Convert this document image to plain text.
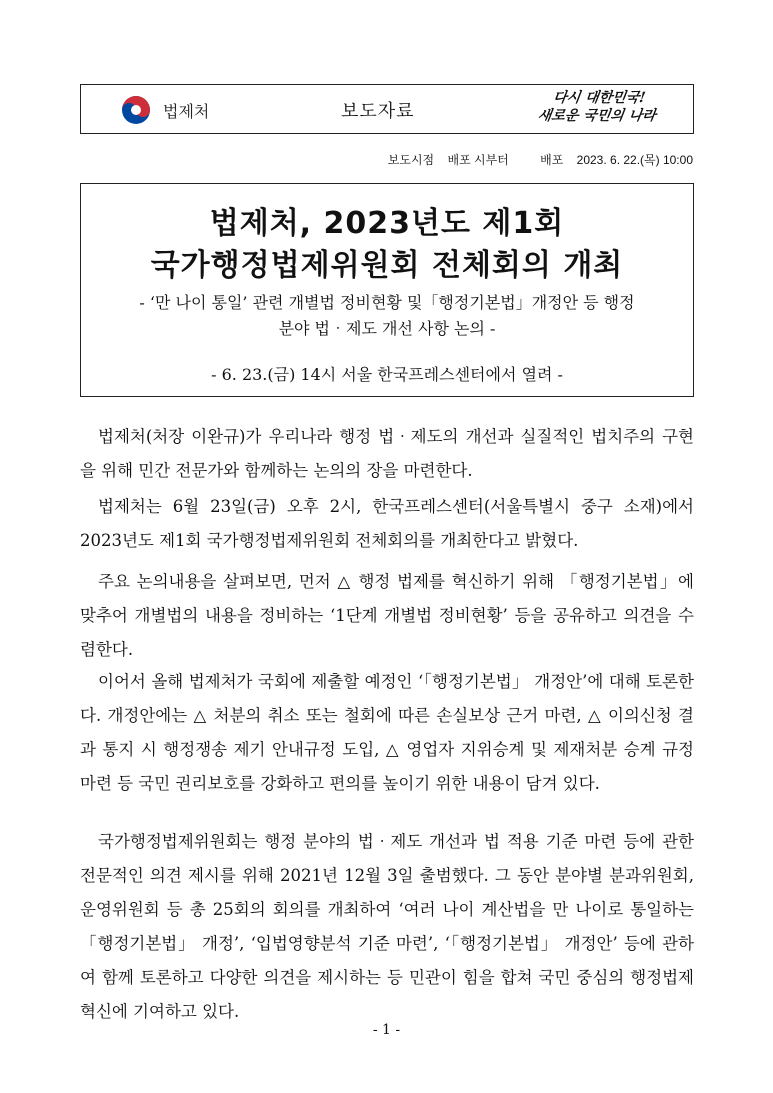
법제처	보도자료
다시 대한민국!
새로운 국민의 나라
보도시점 배포 시부터	배포 2023. 6. 22.(목) 10:00
법제처, 2023년도 제1회
국가행정법제위원회 전체회의 개최
- ‘만 나이 통일’ 관련 개별법 정비현황 및「행정기본법」개정안 등 행정
분야 법‧제도 개선 사항 논의 -
- 6. 23.(금) 14시 서울 한국프레스센터에서 열려 -

법제처(처장 이완규)가 우리나라 행정 법‧제도의 개선과 실질적인 법치주의 구현을 위해 민간 전문가와 함께하는 논의의 장을 마련한다.

법제처는 6월 23일(금) 오후 2시, 한국프레스센터(서울특별시 중구 소재)에서 2023년도 제1회 국가행정법제위원회 전체회의를 개최한다고 밝혔다.

주요 논의내용을 살펴보면, 먼저 △ 행정 법제를 혁신하기 위해 「행정기본법」에 맞추어 개별법의 내용을 정비하는 ‘1단계 개별법 정비현황’ 등을 공유하고 의견을 수렴한다.

이어서 올해 법제처가 국회에 제출할 예정인 ‘「행정기본법」 개정안’에 대해 토론한다. 개정안에는 △ 처분의 취소 또는 철회에 따른 손실보상 근거 마련, △ 이의신청 결과 통지 시 행정쟁송 제기 안내규정 도입, △ 영업자 지위승계 및 제재처분 승계 규정 마련 등 국민 권리보호를 강화하고 편의를 높이기 위한 내용이 담겨 있다.

국가행정법제위원회는 행정 분야의 법‧제도 개선과 법 적용 기준 마련 등에 관한 전문적인 의견 제시를 위해 2021년 12월 3일 출범했다. 그 동안 분야별 분과위원회, 운영위원회 등 총 25회의 회의를 개최하여 ‘여러 나이 계산법을 만 나이로 통일하는 「행정기본법」 개정’, ‘입법영향분석 기준 마련’, ‘「행정기본법」 개정안’ 등에 관하여 함께 토론하고 다양한 의견을 제시하는 등 민관이 힘을 합쳐 국민 중심의 행정법제 혁신에 기여하고 있다.

- 1 -
